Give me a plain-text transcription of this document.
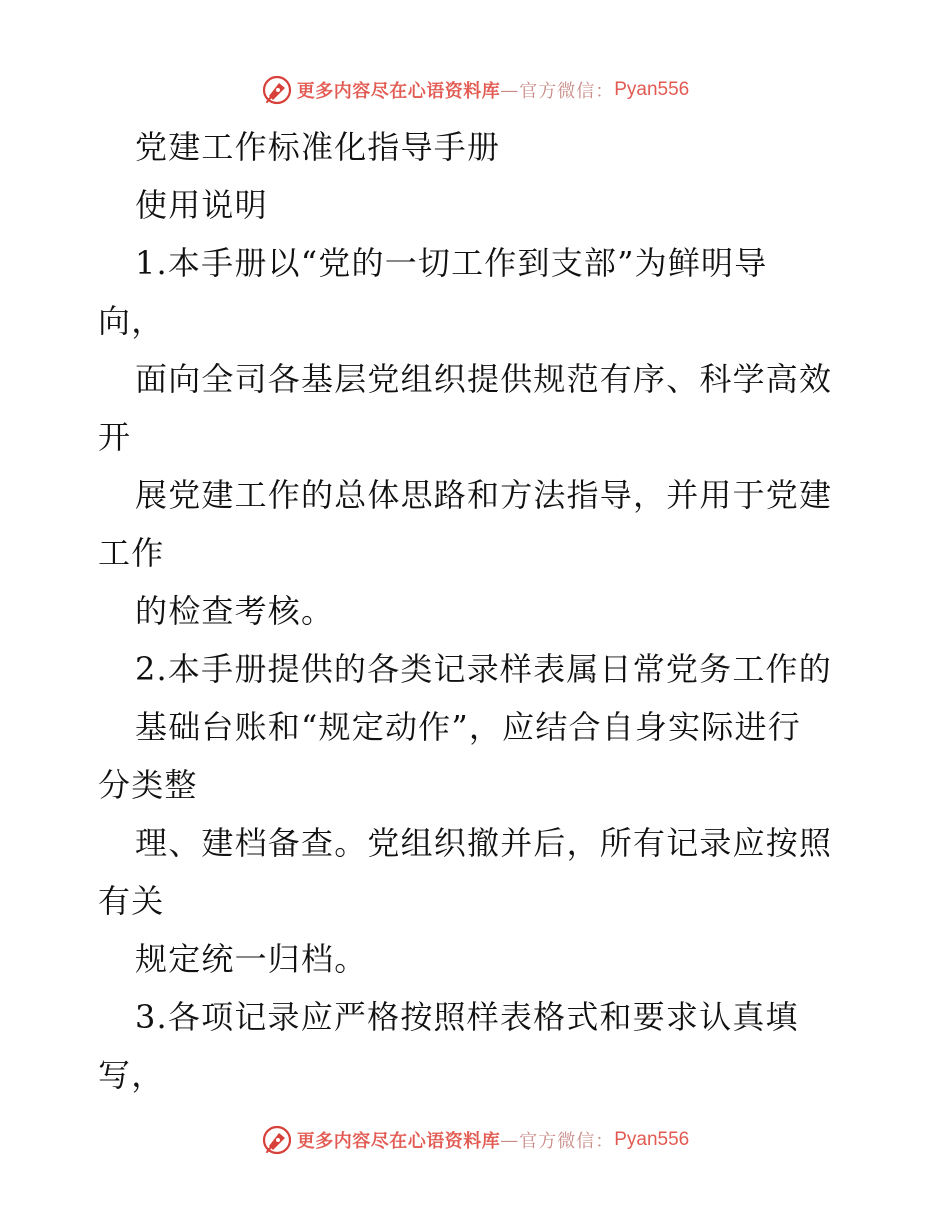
更多内容尽在心语资料库 — 官方微信： Pyan556
党建工作标准化指导手册
使用说明
1.本手册以“党的一切工作到支部”为鲜明导
向，
面向全司各基层党组织提供规范有序、科学高效
开
展党建工作的总体思路和方法指导，并用于党建
工作
的检查考核。
2.本手册提供的各类记录样表属日常党务工作的
基础台账和“规定动作”，应结合自身实际进行
分类整
理、建档备查。党组织撤并后，所有记录应按照
有关
规定统一归档。
3.各项记录应严格按照样表格式和要求认真填
写，
更多内容尽在心语资料库 — 官方微信： Pyan556
